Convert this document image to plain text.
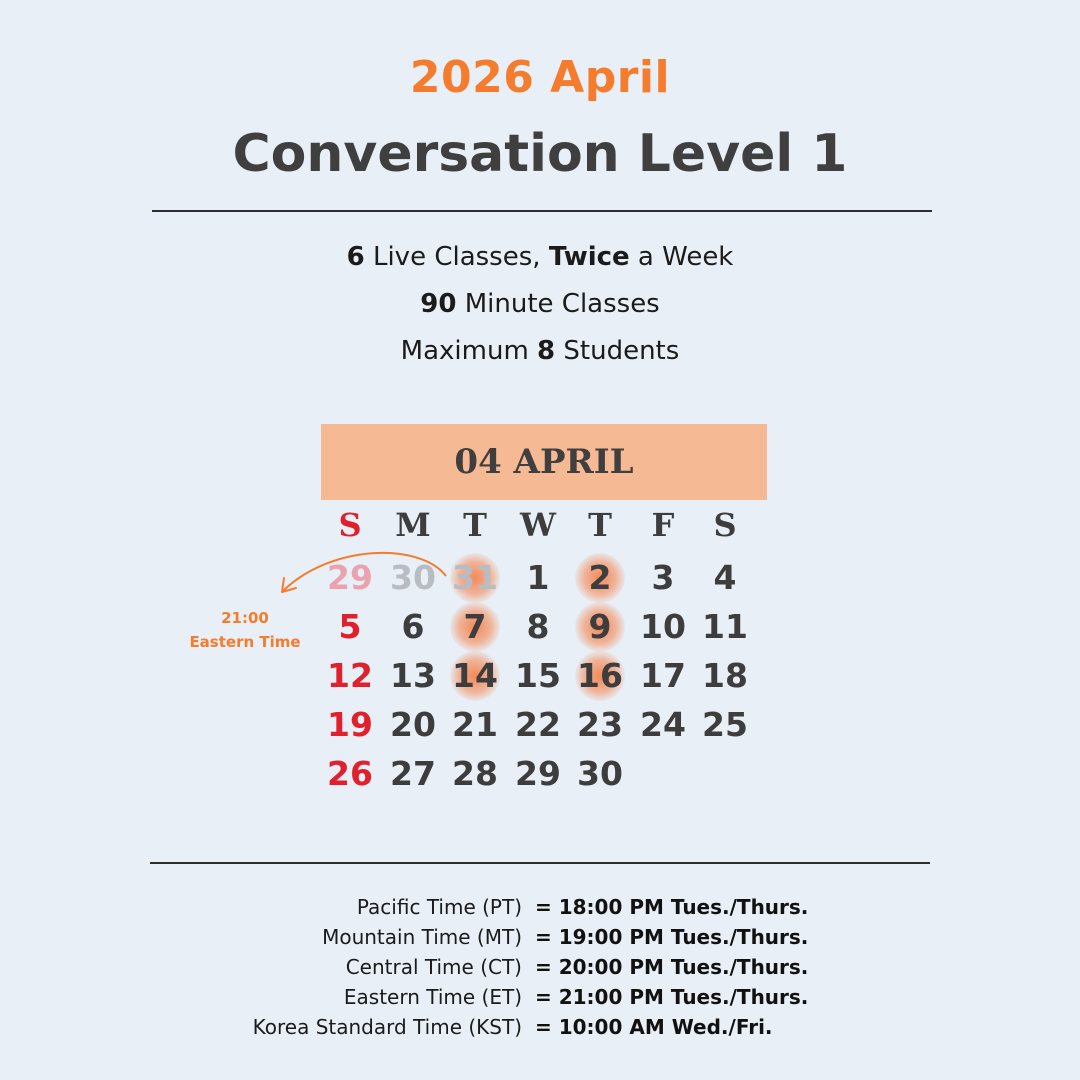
2026 April
Conversation Level 1
6 Live Classes, Twice a Week
90 Minute Classes
Maximum 8 Students
04 APRIL
S	M	T	W	T	F	S
29 30 31 1	2	3	4
5	6	7	8	9 10 11
12 13 14 15 16 17 18
19 20 21 22 23 24 25
26 27 28 29 30
21:00
Eastern Time
Pacific Time (PT) = 18:00 PM Tues./Thurs.
Mountain Time (MT) = 19:00 PM Tues./Thurs.
Central Time (CT) = 20:00 PM Tues./Thurs.
Eastern Time (ET) = 21:00 PM Tues./Thurs.
Korea Standard Time (KST) = 10:00 AM Wed./Fri.
